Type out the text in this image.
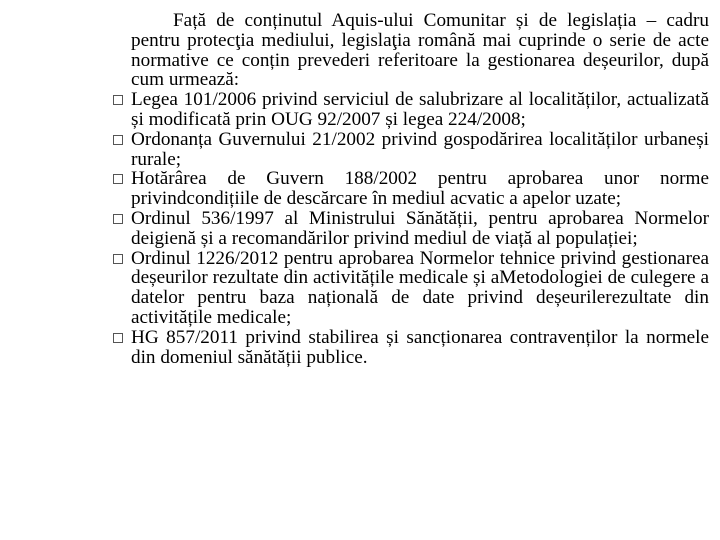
Față de conținutul Aquis-ului Comunitar și de legislația – cadru pentru protecţia mediului, legislaţia română mai cuprinde o serie de acte normative ce conțin prevederi referitoare la gestionarea deșeurilor, după cum urmează:

Legea 101/2006 privind serviciul de salubrizare al localităților, actualizată și modificată prin OUG 92/2007 și legea 224/2008;
Ordonanța Guvernului 21/2002 privind gospodărirea localităților urbaneși rurale;
Hotărârea de Guvern 188/2002 pentru aprobarea unor norme privindcondițiile de descărcare în mediul acvatic a apelor uzate;
Ordinul 536/1997 al Ministrului Sănătății, pentru aprobarea Normelor deigienă și a recomandărilor privind mediul de viață al populației;
Ordinul 1226/2012 pentru aprobarea Normelor tehnice privind gestionarea deșeurilor rezultate din activitățile medicale și aMetodologiei de culegere a datelor pentru baza națională de date privind deșeurilerezultate din activitățile medicale;
HG 857/2011 privind stabilirea și sancționarea contravenților la normele din domeniul sănătății publice.
